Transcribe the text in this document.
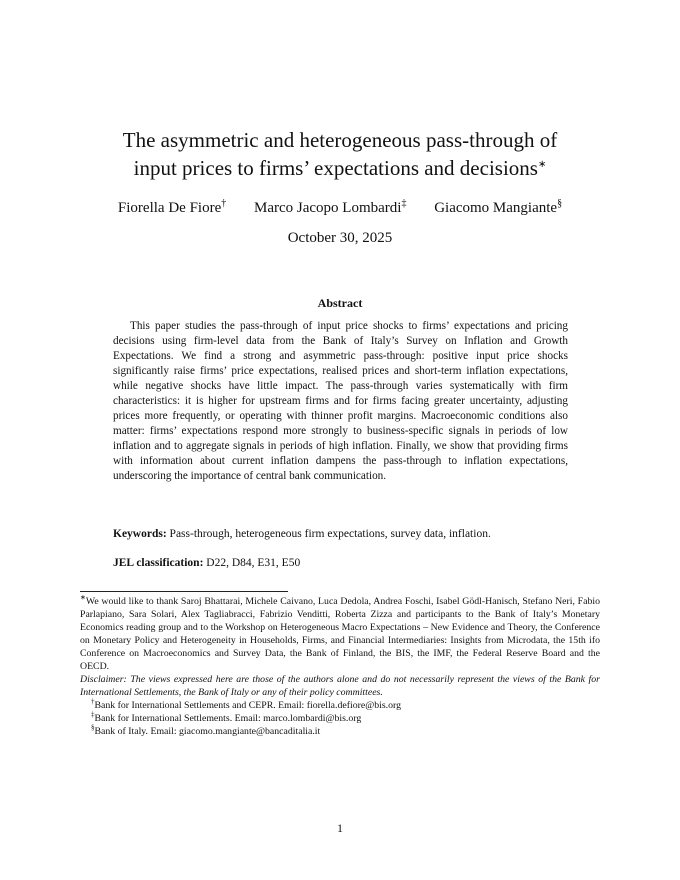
The asymmetric and heterogeneous pass-through of
input prices to firms’ expectations and decisions∗
Fiorella De Fiore† Marco Jacopo Lombardi‡ Giacomo Mangiante§
October 30, 2025
Abstract
This paper studies the pass-through of input price shocks to firms’ expectations and pricing decisions using firm-level data from the Bank of Italy’s Survey on Inflation and Growth Expectations. We find a strong and asymmetric pass-through: positive input price shocks significantly raise firms’ price expectations, realised prices and short-term inflation expectations, while negative shocks have little impact. The pass-through varies systematically with firm characteristics: it is higher for upstream firms and for firms facing greater uncertainty, adjusting prices more frequently, or operating with thinner profit margins. Macroeconomic conditions also matter: firms’ expectations respond more strongly to business-specific signals in periods of low inflation and to aggregate signals in periods of high inflation. Finally, we show that providing firms with information about current inflation dampens the pass-through to inflation expectations, underscoring the importance of central bank communication.
Keywords: Pass-through, heterogeneous firm expectations, survey data, inflation.
JEL classification: D22, D84, E31, E50
∗We would like to thank Saroj Bhattarai, Michele Caivano, Luca Dedola, Andrea Foschi, Isabel Gödl-Hanisch, Stefano Neri, Fabio Parlapiano, Sara Solari, Alex Tagliabracci, Fabrizio Venditti, Roberta Zizza and participants to the Bank of Italy’s Monetary Economics reading group and to the Workshop on Heterogeneous Macro Expectations – New Evidence and Theory, the Conference on Monetary Policy and Heterogeneity in Households, Firms, and Financial Intermediaries: Insights from Microdata, the 15th ifo Conference on Macroeconomics and Survey Data, the Bank of Finland, the BIS, the IMF, the Federal Reserve Board and the OECD.
Disclaimer: The views expressed here are those of the authors alone and do not necessarily represent the views of the Bank for International Settlements, the Bank of Italy or any of their policy committees.
†Bank for International Settlements and CEPR. Email: fiorella.defiore@bis.org
‡Bank for International Settlements. Email: marco.lombardi@bis.org
§Bank of Italy. Email: giacomo.mangiante@bancaditalia.it
1
